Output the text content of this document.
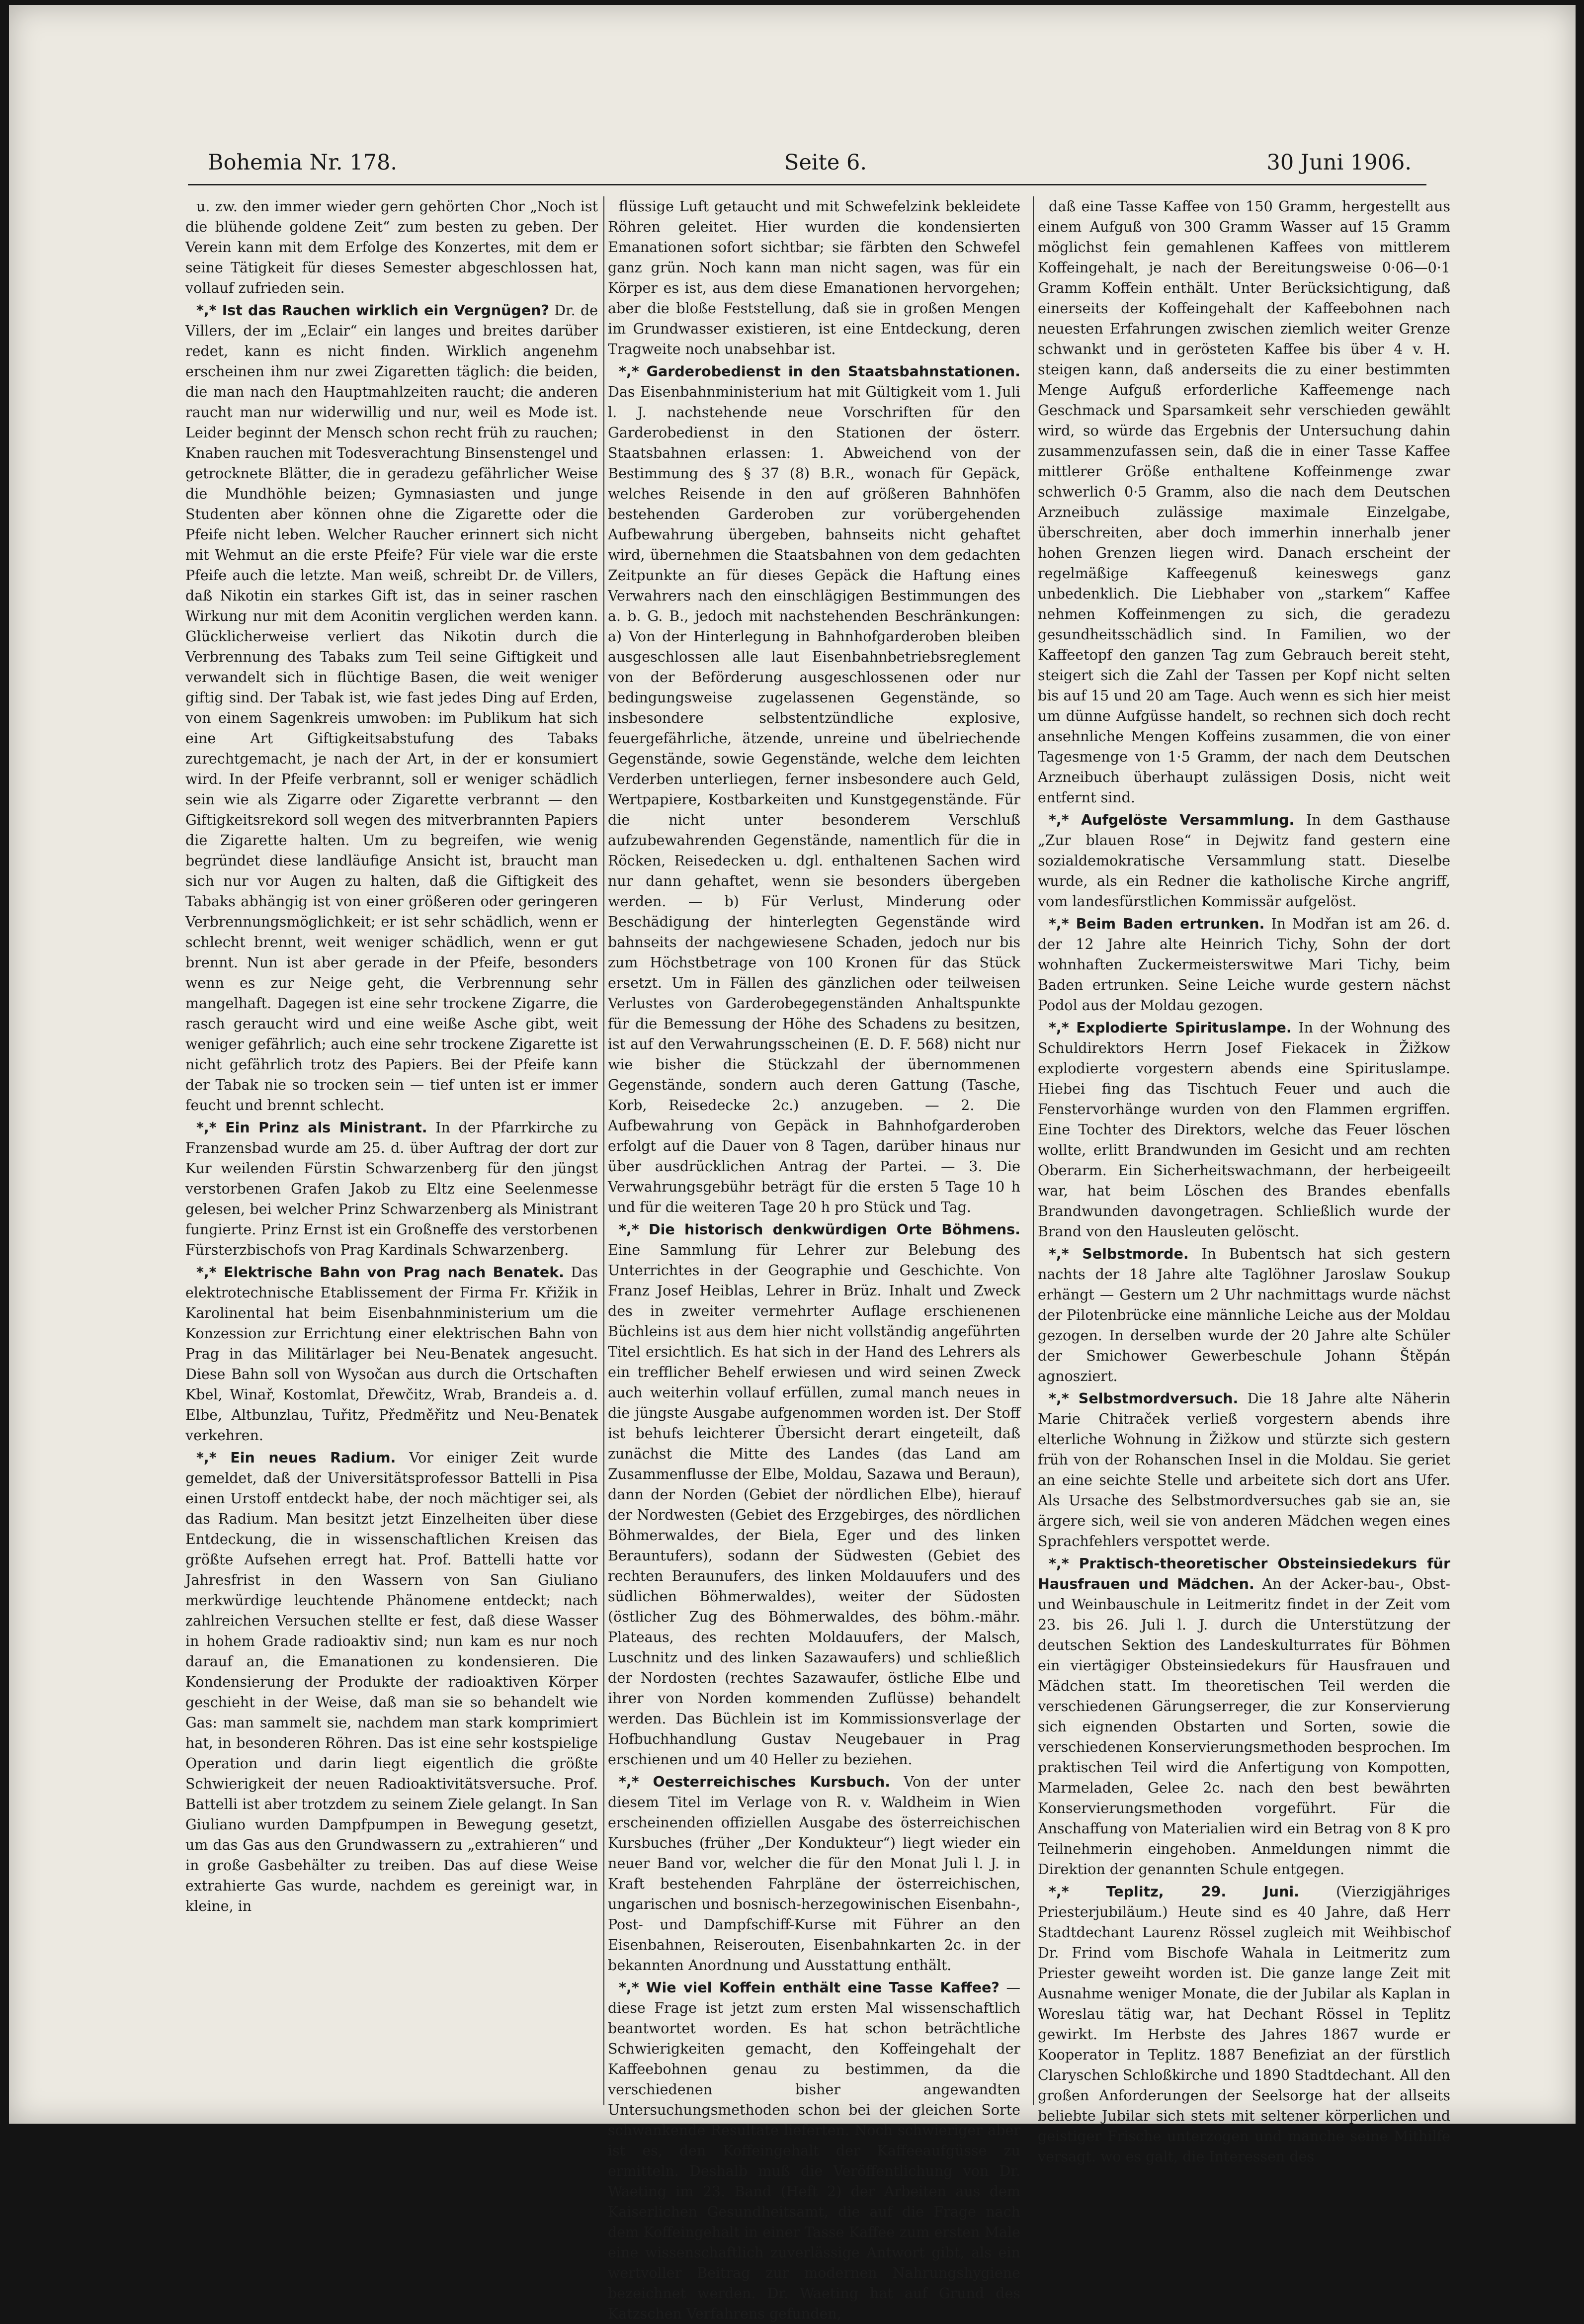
Bohemia Nr. 178.	Seite 6.	30 Juni 1906.

u. zw. den immer wieder gern gehörten Chor „Noch ist die blühende goldene Zeit“ zum besten zu geben. Der Verein kann mit dem Erfolge des Konzertes, mit dem er seine Tätigkeit für dieses Semester abgeschlossen hat, vollauf zufrieden sein.

*,* Ist das Rauchen wirklich ein Vergnügen? Dr. de Villers, der im „Eclair“ ein langes und breites darüber redet, kann es nicht finden. Wirklich angenehm erscheinen ihm nur zwei Zigaretten täglich: die beiden, die man nach den Hauptmahlzeiten raucht; die anderen raucht man nur widerwillig und nur, weil es Mode ist. Leider beginnt der Mensch schon recht früh zu rauchen; Knaben rauchen mit Todesverachtung Binsenstengel und getrocknete Blätter, die in geradezu gefährlicher Weise die Mundhöhle beizen; Gymnasiasten und junge Studenten aber können ohne die Zigarette oder die Pfeife nicht leben. Welcher Raucher erinnert sich nicht mit Wehmut an die erste Pfeife? Für viele war die erste Pfeife auch die letzte. Man weiß, schreibt Dr. de Villers, daß Nikotin ein starkes Gift ist, das in seiner raschen Wirkung nur mit dem Aconitin verglichen werden kann. Glücklicherweise verliert das Nikotin durch die Verbrennung des Tabaks zum Teil seine Giftigkeit und verwandelt sich in flüchtige Basen, die weit weniger giftig sind. Der Tabak ist, wie fast jedes Ding auf Erden, von einem Sagenkreis umwoben: im Publikum hat sich eine Art Giftigkeitsabstufung des Tabaks zurechtgemacht, je nach der Art, in der er konsumiert wird. In der Pfeife verbrannt, soll er weniger schädlich sein wie als Zigarre oder Zigarette verbrannt — den Giftigkeitsrekord soll wegen des mitverbrannten Papiers die Zigarette halten. Um zu begreifen, wie wenig begründet diese landläufige Ansicht ist, braucht man sich nur vor Augen zu halten, daß die Giftigkeit des Tabaks abhängig ist von einer größeren oder geringeren Verbrennungsmöglichkeit; er ist sehr schädlich, wenn er schlecht brennt, weit weniger schädlich, wenn er gut brennt. Nun ist aber gerade in der Pfeife, besonders wenn es zur Neige geht, die Verbrennung sehr mangelhaft. Dagegen ist eine sehr trockene Zigarre, die rasch geraucht wird und eine weiße Asche gibt, weit weniger gefährlich; auch eine sehr trockene Zigarette ist nicht gefährlich trotz des Papiers. Bei der Pfeife kann der Tabak nie so trocken sein — tief unten ist er immer feucht und brennt schlecht.

*,* Ein Prinz als Ministrant. In der Pfarrkirche zu Franzensbad wurde am 25. d. über Auftrag der dort zur Kur weilenden Fürstin Schwarzenberg für den jüngst verstorbenen Grafen Jakob zu Eltz eine Seelenmesse gelesen, bei welcher Prinz Schwarzenberg als Ministrant fungierte. Prinz Ernst ist ein Großneffe des verstorbenen Fürsterzbischofs von Prag Kardinals Schwarzenberg.

*,* Elektrische Bahn von Prag nach Benatek. Das elektrotechnische Etablissement der Firma Fr. Křižik in Karolinental hat beim Eisenbahnministerium um die Konzession zur Errichtung einer elektrischen Bahn von Prag in das Militärlager bei Neu-Benatek angesucht. Diese Bahn soll von Wysočan aus durch die Ortschaften Kbel, Winař, Kostomlat, Dřewčitz, Wrab, Brandeis a. d. Elbe, Altbunzlau, Tuřitz, Předměřitz und Neu-Benatek verkehren.

*,* Ein neues Radium. Vor einiger Zeit wurde gemeldet, daß der Universitätsprofessor Battelli in Pisa einen Urstoff entdeckt habe, der noch mächtiger sei, als das Radium. Man besitzt jetzt Einzelheiten über diese Entdeckung, die in wissenschaftlichen Kreisen das größte Aufsehen erregt hat. Prof. Battelli hatte vor Jahresfrist in den Wassern von San Giuliano merkwürdige leuchtende Phänomene entdeckt; nach zahlreichen Versuchen stellte er fest, daß diese Wasser in hohem Grade radioaktiv sind; nun kam es nur noch darauf an, die Emanationen zu kondensieren. Die Kondensierung der Produkte der radioaktiven Körper geschieht in der Weise, daß man sie so behandelt wie Gas: man sammelt sie, nachdem man stark komprimiert hat, in besonderen Röhren. Das ist eine sehr kostspielige Operation und darin liegt eigentlich die größte Schwierigkeit der neuen Radioaktivitätsversuche. Prof. Battelli ist aber trotzdem zu seinem Ziele gelangt. In San Giuliano wurden Dampfpumpen in Bewegung gesetzt, um das Gas aus den Grundwassern zu „extrahieren“ und in große Gasbehälter zu treiben. Das auf diese Weise extrahierte Gas wurde, nachdem es gereinigt war, in kleine, in

flüssige Luft getaucht und mit Schwefelzink bekleidete Röhren geleitet. Hier wurden die kondensierten Emanationen sofort sichtbar; sie färbten den Schwefel ganz grün. Noch kann man nicht sagen, was für ein Körper es ist, aus dem diese Emanationen hervorgehen; aber die bloße Feststellung, daß sie in großen Mengen im Grundwasser existieren, ist eine Entdeckung, deren Tragweite noch unabsehbar ist.

*,* Garderobedienst in den Staatsbahnstationen. Das Eisenbahnministerium hat mit Gültigkeit vom 1. Juli l. J. nachstehende neue Vorschriften für den Garderobedienst in den Stationen der österr. Staatsbahnen erlassen: 1. Abweichend von der Bestimmung des § 37 (8) B.R., wonach für Gepäck, welches Reisende in den auf größeren Bahnhöfen bestehenden Garderoben zur vorübergehenden Aufbewahrung übergeben, bahnseits nicht gehaftet wird, übernehmen die Staatsbahnen von dem gedachten Zeitpunkte an für dieses Gepäck die Haftung eines Verwahrers nach den einschlägigen Bestimmungen des a. b. G. B., jedoch mit nachstehenden Beschränkungen: a) Von der Hinterlegung in Bahnhofgarderoben bleiben ausgeschlossen alle laut Eisenbahnbetriebsreglement von der Beförderung ausgeschlossenen oder nur bedingungsweise zugelassenen Gegenstände, so insbesondere selbstentzündliche explosive, feuergefährliche, ätzende, unreine und übelriechende Gegenstände, sowie Gegenstände, welche dem leichten Verderben unterliegen, ferner insbesondere auch Geld, Wertpapiere, Kostbarkeiten und Kunstgegenstände. Für die nicht unter besonderem Verschluß aufzubewahrenden Gegenstände, namentlich für die in Röcken, Reisedecken u. dgl. enthaltenen Sachen wird nur dann gehaftet, wenn sie besonders übergeben werden. — b) Für Verlust, Minderung oder Beschädigung der hinterlegten Gegenstände wird bahnseits der nachgewiesene Schaden, jedoch nur bis zum Höchstbetrage von 100 Kronen für das Stück ersetzt. Um in Fällen des gänzlichen oder teilweisen Verlustes von Garderobegegenständen Anhaltspunkte für die Bemessung der Höhe des Schadens zu besitzen, ist auf den Verwahrungsscheinen (E. D. F. 568) nicht nur wie bisher die Stückzahl der übernommenen Gegenstände, sondern auch deren Gattung (Tasche, Korb, Reisedecke 2c.) anzugeben. — 2. Die Aufbewahrung von Gepäck in Bahnhofgarderoben erfolgt auf die Dauer von 8 Tagen, darüber hinaus nur über ausdrücklichen Antrag der Partei. — 3. Die Verwahrungsgebühr beträgt für die ersten 5 Tage 10 h und für die weiteren Tage 20 h pro Stück und Tag.

*,* Die historisch denkwürdigen Orte Böhmens. Eine Sammlung für Lehrer zur Belebung des Unterrichtes in der Geographie und Geschichte. Von Franz Josef Heiblas, Lehrer in Brüz. Inhalt und Zweck des in zweiter vermehrter Auflage erschienenen Büchleins ist aus dem hier nicht vollständig angeführten Titel ersichtlich. Es hat sich in der Hand des Lehrers als ein trefflicher Behelf erwiesen und wird seinen Zweck auch weiterhin vollauf erfüllen, zumal manch neues in die jüngste Ausgabe aufgenommen worden ist. Der Stoff ist behufs leichterer Übersicht derart eingeteilt, daß zunächst die Mitte des Landes (das Land am Zusammenflusse der Elbe, Moldau, Sazawa und Beraun), dann der Norden (Gebiet der nördlichen Elbe), hierauf der Nordwesten (Gebiet des Erzgebirges, des nördlichen Böhmerwaldes, der Biela, Eger und des linken Berauntufers), sodann der Südwesten (Gebiet des rechten Beraunufers, des linken Moldauufers und des südlichen Böhmerwaldes), weiter der Südosten (östlicher Zug des Böhmerwaldes, des böhm.-mähr. Plateaus, des rechten Moldauufers, der Malsch, Luschnitz und des linken Sazawaufers) und schließlich der Nordosten (rechtes Sazawaufer, östliche Elbe und ihrer von Norden kommenden Zuflüsse) behandelt werden. Das Büchlein ist im Kommissionsverlage der Hofbuchhandlung Gustav Neugebauer in Prag erschienen und um 40 Heller zu beziehen.

*,* Oesterreichisches Kursbuch. Von der unter diesem Titel im Verlage von R. v. Waldheim in Wien erscheinenden offiziellen Ausgabe des österreichischen Kursbuches (früher „Der Kondukteur“) liegt wieder ein neuer Band vor, welcher die für den Monat Juli l. J. in Kraft bestehenden Fahrpläne der österreichischen, ungarischen und bosnisch-herzegowinischen Eisenbahn-, Post- und Dampfschiff-Kurse mit Führer an den Eisenbahnen, Reiserouten, Eisenbahnkarten 2c. in der bekannten Anordnung und Ausstattung enthält.

*,* Wie viel Koffein enthält eine Tasse Kaffee? — diese Frage ist jetzt zum ersten Mal wissenschaftlich beantwortet worden. Es hat schon beträchtliche Schwierigkeiten gemacht, den Koffeingehalt der Kaffeebohnen genau zu bestimmen, da die verschiedenen bisher angewandten Untersuchungsmethoden schon bei der gleichen Sorte schwankende Resultate lieferten. Noch schwieriger aber ist es, den Koffeingehalt der Kaffeeaufgüsse zu ermitteln. Deshalb muß die Veröffentlichung von Dr. Waeting im 23. Band (Heft 2) der Arbeiten aus dem Kaiserlichen Gesundheitsamt, die auf die Frage nach dem Koffeingehalt in einer Tasse Kaffee zum ersten Male eine wissenschaftlich zuverlässige Antwort gibt, als ein wertvoller Beitrag zur modernen Nahrungshygiene bezeichnet werden. Dr. Waeting hat auf Grund des Katzschen Verfahrens gefunden,

daß eine Tasse Kaffee von 150 Gramm, hergestellt aus einem Aufguß von 300 Gramm Wasser auf 15 Gramm möglichst fein gemahlenen Kaffees von mittlerem Koffeingehalt, je nach der Bereitungsweise 0·06—0·1 Gramm Koffein enthält. Unter Berücksichtigung, daß einerseits der Koffeingehalt der Kaffeebohnen nach neuesten Erfahrungen zwischen ziemlich weiter Grenze schwankt und in gerösteten Kaffee bis über 4 v. H. steigen kann, daß anderseits die zu einer bestimmten Menge Aufguß erforderliche Kaffeemenge nach Geschmack und Sparsamkeit sehr verschieden gewählt wird, so würde das Ergebnis der Untersuchung dahin zusammenzufassen sein, daß die in einer Tasse Kaffee mittlerer Größe enthaltene Koffeinmenge zwar schwerlich 0·5 Gramm, also die nach dem Deutschen Arzneibuch zulässige maximale Einzelgabe, überschreiten, aber doch immerhin innerhalb jener hohen Grenzen liegen wird. Danach erscheint der regelmäßige Kaffeegenuß keineswegs ganz unbedenklich. Die Liebhaber von „starkem“ Kaffee nehmen Koffeinmengen zu sich, die geradezu gesundheitsschädlich sind. In Familien, wo der Kaffeetopf den ganzen Tag zum Gebrauch bereit steht, steigert sich die Zahl der Tassen per Kopf nicht selten bis auf 15 und 20 am Tage. Auch wenn es sich hier meist um dünne Aufgüsse handelt, so rechnen sich doch recht ansehnliche Mengen Koffeins zusammen, die von einer Tagesmenge von 1·5 Gramm, der nach dem Deutschen Arzneibuch überhaupt zulässigen Dosis, nicht weit entfernt sind.

*,* Aufgelöste Versammlung. In dem Gasthause „Zur blauen Rose“ in Dejwitz fand gestern eine sozialdemokratische Versammlung statt. Dieselbe wurde, als ein Redner die katholische Kirche angriff, vom landesfürstlichen Kommissär aufgelöst.

*,* Beim Baden ertrunken. In Modřan ist am 26. d. der 12 Jahre alte Heinrich Tichy, Sohn der dort wohnhaften Zuckermeisterswitwe Mari Tichy, beim Baden ertrunken. Seine Leiche wurde gestern nächst Podol aus der Moldau gezogen.

*,* Explodierte Spirituslampe. In der Wohnung des Schuldirektors Herrn Josef Fiekacek in Žižkow explodierte vorgestern abends eine Spirituslampe. Hiebei fing das Tischtuch Feuer und auch die Fenstervorhänge wurden von den Flammen ergriffen. Eine Tochter des Direktors, welche das Feuer löschen wollte, erlitt Brandwunden im Gesicht und am rechten Oberarm. Ein Sicherheitswachmann, der herbeigeeilt war, hat beim Löschen des Brandes ebenfalls Brandwunden davongetragen. Schließlich wurde der Brand von den Hausleuten gelöscht.

*,* Selbstmorde. In Bubentsch hat sich gestern nachts der 18 Jahre alte Taglöhner Jaroslaw Soukup erhängt — Gestern um 2 Uhr nachmittags wurde nächst der Pilotenbrücke eine männliche Leiche aus der Moldau gezogen. In derselben wurde der 20 Jahre alte Schüler der Smichower Gewerbeschule Johann Štěpán agnosziert.

*,* Selbstmordversuch. Die 18 Jahre alte Näherin Marie Chitraček verließ vorgestern abends ihre elterliche Wohnung in Žižkow und stürzte sich gestern früh von der Rohanschen Insel in die Moldau. Sie geriet an eine seichte Stelle und arbeitete sich dort ans Ufer. Als Ursache des Selbstmordversuches gab sie an, sie ärgere sich, weil sie von anderen Mädchen wegen eines Sprachfehlers verspottet werde.

*,* Praktisch-theoretischer Obsteinsiedekurs für Hausfrauen und Mädchen. An der Acker-bau-, Obst- und Weinbauschule in Leitmeritz findet in der Zeit vom 23. bis 26. Juli l. J. durch die Unterstützung der deutschen Sektion des Landeskulturrates für Böhmen ein viertägiger Obsteinsiedekurs für Hausfrauen und Mädchen statt. Im theoretischen Teil werden die verschiedenen Gärungserreger, die zur Konservierung sich eignenden Obstarten und Sorten, sowie die verschiedenen Konservierungsmethoden besprochen. Im praktischen Teil wird die Anfertigung von Kompotten, Marmeladen, Gelee 2c. nach den best bewährten Konservierungsmethoden vorgeführt. Für die Anschaffung von Materialien wird ein Betrag von 8 K pro Teilnehmerin eingehoben. Anmeldungen nimmt die Direktion der genannten Schule entgegen.

*,* Teplitz, 29. Juni.	(Vierzigjähriges Priesterjubiläum.) Heute sind es 40 Jahre, daß Herr Stadtdechant Laurenz Rössel zugleich mit Weihbischof Dr. Frind vom Bischofe Wahala in Leitmeritz zum Priester geweiht worden ist. Die ganze lange Zeit mit Ausnahme weniger Monate, die der Jubilar als Kaplan in Woreslau tätig war, hat Dechant Rössel in Teplitz gewirkt. Im Herbste des Jahres 1867 wurde er Kooperator in Teplitz. 1887 Benefiziat an der fürstlich Claryschen Schloßkirche und 1890 Stadtdechant. All den großen Anforderungen der Seelsorge hat der allseits beliebte Jubilar sich stets mit seltener körperlichen und geistiger Frische unterzogen und manche seine Mithilfe versagt. wo es galt, die Interessen des
